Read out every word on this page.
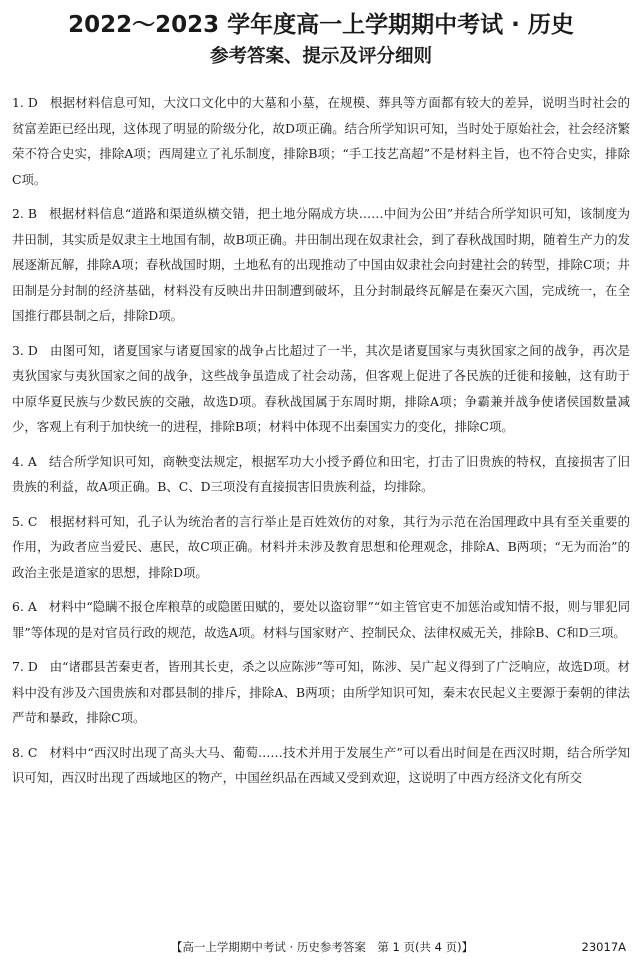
2022～2023 学年度高一上学期期中考试 · 历史
参考答案、提示及评分细则

1. D 根据材料信息可知，大汶口文化中的大墓和小墓，在规模、葬具等方面都有较大的差异，说明当时社会的贫富差距已经出现，这体现了明显的阶级分化，故D项正确。结合所学知识可知，当时处于原始社会，社会经济繁荣不符合史实，排除A项；西周建立了礼乐制度，排除B项；“手工技艺高超”不是材料主旨，也不符合史实，排除C项。

2. B 根据材料信息“道路和渠道纵横交错，把土地分隔成方块……中间为公田”并结合所学知识可知，该制度为井田制，其实质是奴隶主土地国有制，故B项正确。井田制出现在奴隶社会，到了春秋战国时期，随着生产力的发展逐渐瓦解，排除A项；春秋战国时期，土地私有的出现推动了中国由奴隶社会向封建社会的转型，排除C项；井田制是分封制的经济基础，材料没有反映出井田制遭到破坏，且分封制最终瓦解是在秦灭六国，完成统一，在全国推行郡县制之后，排除D项。

3. D 由图可知，诸夏国家与诸夏国家的战争占比超过了一半，其次是诸夏国家与夷狄国家之间的战争，再次是夷狄国家与夷狄国家之间的战争，这些战争虽造成了社会动荡，但客观上促进了各民族的迁徙和接触，这有助于中原华夏民族与少数民族的交融，故选D项。春秋战国属于东周时期，排除A项；争霸兼并战争使诸侯国数量减少，客观上有利于加快统一的进程，排除B项；材料中体现不出秦国实力的变化，排除C项。

4. A 结合所学知识可知，商鞅变法规定，根据军功大小授予爵位和田宅，打击了旧贵族的特权，直接损害了旧贵族的利益，故A项正确。B、C、D三项没有直接损害旧贵族利益，均排除。

5. C 根据材料可知，孔子认为统治者的言行举止是百姓效仿的对象，其行为示范在治国理政中具有至关重要的作用，为政者应当爱民、惠民，故C项正确。材料并未涉及教育思想和伦理观念，排除A、B两项；“无为而治”的政治主张是道家的思想，排除D项。

6. A 材料中“隐瞒不报仓库粮草的或隐匿田赋的，要处以盗窃罪”“如主管官吏不加惩治或知情不报，则与罪犯同罪”等体现的是对官员行政的规范，故选A项。材料与国家财产、控制民众、法律权威无关，排除B、C和D三项。

7. D 由“诸郡县苦秦吏者，皆刑其长吏，杀之以应陈涉”等可知，陈涉、吴广起义得到了广泛响应，故选D项。材料中没有涉及六国贵族和对郡县制的排斥，排除A、B两项；由所学知识可知，秦末农民起义主要源于秦朝的律法严苛和暴政，排除C项。

8. C 材料中“西汉时出现了高头大马、葡萄……技术并用于发展生产”可以看出时间是在西汉时期，结合所学知识可知，西汉时出现了西域地区的物产，中国丝织品在西域又受到欢迎，这说明了中西方经济文化有所交

【高一上学期期中考试 · 历史参考答案　第 1 页(共 4 页)】	23017A
